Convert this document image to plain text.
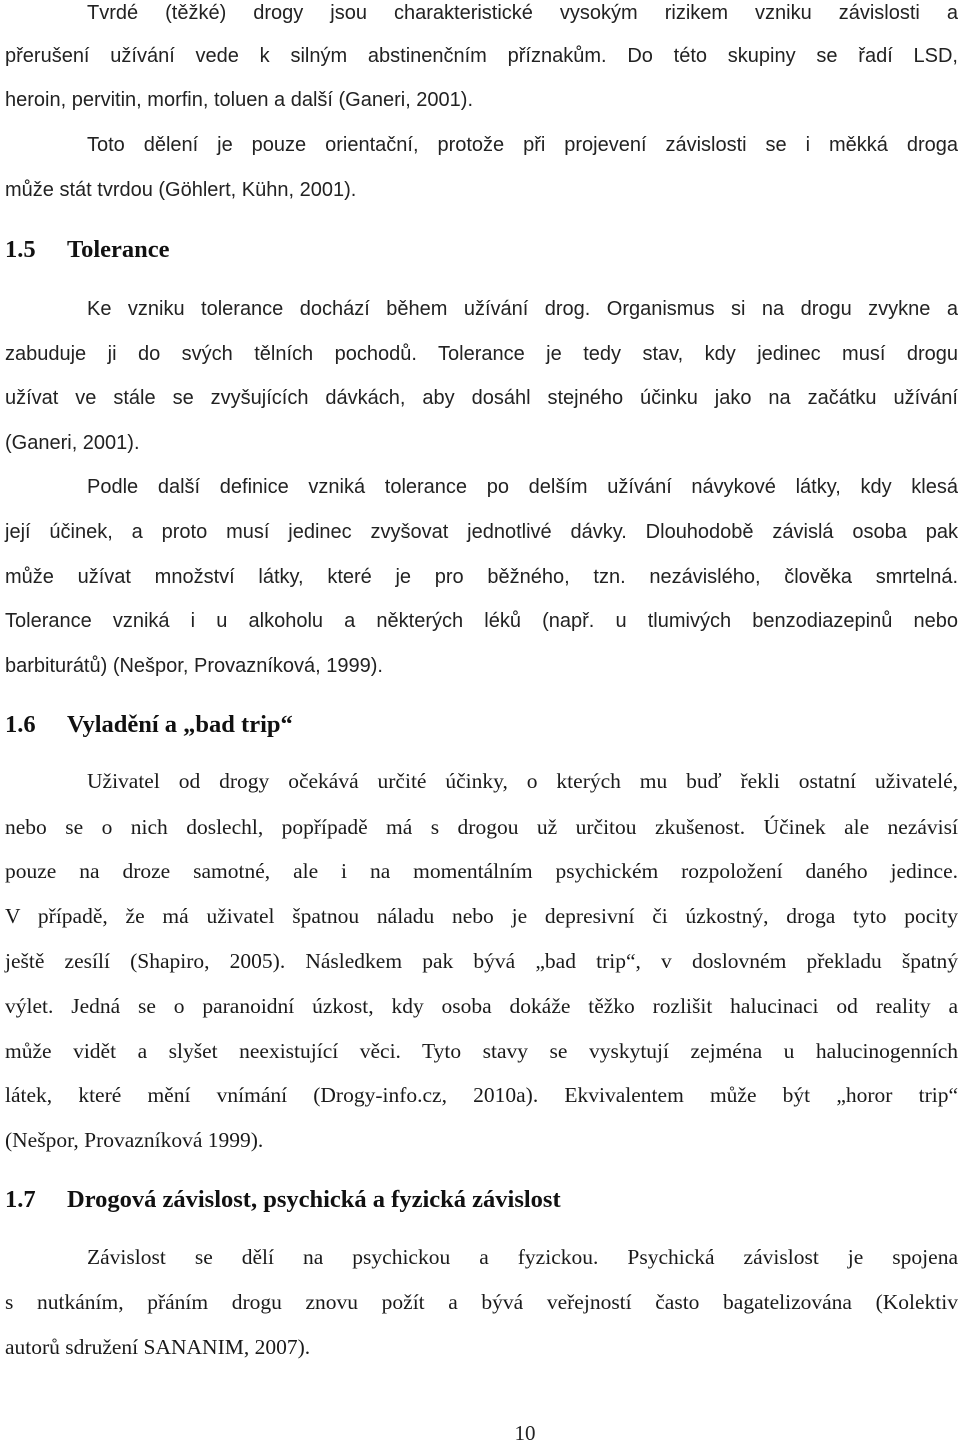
Tvrdé (těžké) drogy jsou charakteristické vysokým rizikem vzniku závislosti a
přerušení užívání vede k silným abstinenčním příznakům. Do této skupiny se řadí LSD,
heroin, pervitin, morfin, toluen a další (Ganeri, 2001).
Toto dělení je pouze orientační, protože při projevení závislosti se i měkká droga
může stát tvrdou (Göhlert, Kühn, 2001).
1.5 Tolerance
Ke vzniku tolerance dochází během užívání drog. Organismus si na drogu zvykne a
zabuduje ji do svých tělních pochodů. Tolerance je tedy stav, kdy jedinec musí drogu
užívat ve stále se zvyšujících dávkách, aby dosáhl stejného účinku jako na začátku užívání
(Ganeri, 2001).
Podle další definice vzniká tolerance po delším užívání návykové látky, kdy klesá
její účinek, a proto musí jedinec zvyšovat jednotlivé dávky. Dlouhodobě závislá osoba pak
může užívat množství látky, které je pro běžného, tzn. nezávislého, člověka smrtelná.
Tolerance vzniká i u alkoholu a některých léků (např. u tlumivých benzodiazepinů nebo
barbiturátů) (Nešpor, Provazníková, 1999).
1.6 Vyladění a „bad trip“
Uživatel od drogy očekává určité účinky, o kterých mu buď řekli ostatní uživatelé,
nebo se o nich doslechl, popřípadě má s drogou už určitou zkušenost. Účinek ale nezávisí
pouze na droze samotné, ale i na momentálním psychickém rozpoložení daného jedince.
V případě, že má uživatel špatnou náladu nebo je depresivní či úzkostný, droga tyto pocity
ještě zesílí (Shapiro, 2005). Následkem pak bývá „bad trip“, v doslovném překladu špatný
výlet. Jedná se o paranoidní úzkost, kdy osoba dokáže těžko rozlišit halucinaci od reality a
může vidět a slyšet neexistující věci. Tyto stavy se vyskytují zejména u halucinogenních
látek, které mění vnímání (Drogy-info.cz, 2010a). Ekvivalentem může být „horor trip“
(Nešpor, Provazníková 1999).
1.7 Drogová závislost, psychická a fyzická závislost
Závislost se dělí na psychickou a fyzickou. Psychická závislost je spojena
s nutkáním, přáním drogu znovu požít a bývá veřejností často bagatelizována (Kolektiv
autorů sdružení SANANIM, 2007).
10
